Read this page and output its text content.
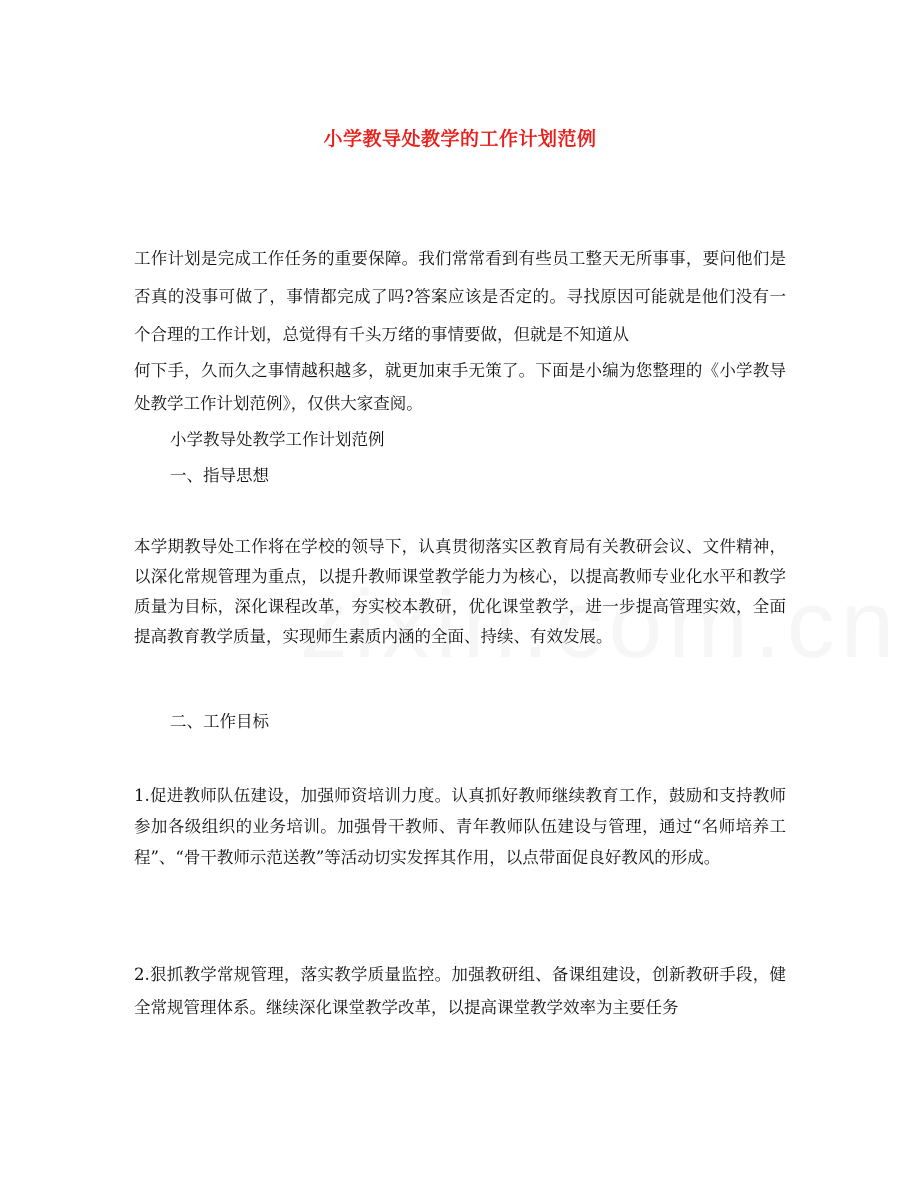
小学教导处教学的工作计划范例

工作计划是完成工作任务的重要保障。我们常常看到有些员工整天无所事事，要问他们是否真的没事可做了，事情都完成了吗?答案应该是否定的。寻找原因可能就是他们没有一个合理的工作计划，总觉得有千头万绪的事情要做，但就是不知道从

何下手，久而久之事情越积越多，就更加束手无策了。下面是小编为您整理的《小学教导处教学工作计划范例》，仅供大家查阅。

小学教导处教学工作计划范例

一、指导思想

本学期教导处工作将在学校的领导下，认真贯彻落实区教育局有关教研会议、文件精神，以深化常规管理为重点，以提升教师课堂教学能力为核心，以提高教师专业化水平和教学质量为目标，深化课程改革，夯实校本教研，优化课堂教学，进一步提高管理实效，全面提高教育教学质量，实现师生素质内涵的全面、持续、有效发展。

二、工作目标

1.促进教师队伍建设，加强师资培训力度。认真抓好教师继续教育工作，鼓励和支持教师参加各级组织的业务培训。加强骨干教师、青年教师队伍建设与管理，通过“名师培养工程”、“骨干教师示范送教”等活动切实发挥其作用，以点带面促良好教风的形成。

2.狠抓教学常规管理，落实教学质量监控。加强教研组、备课组建设，创新教研手段，健全常规管理体系。继续深化课堂教学改革，以提高课堂教学效率为主要任务
